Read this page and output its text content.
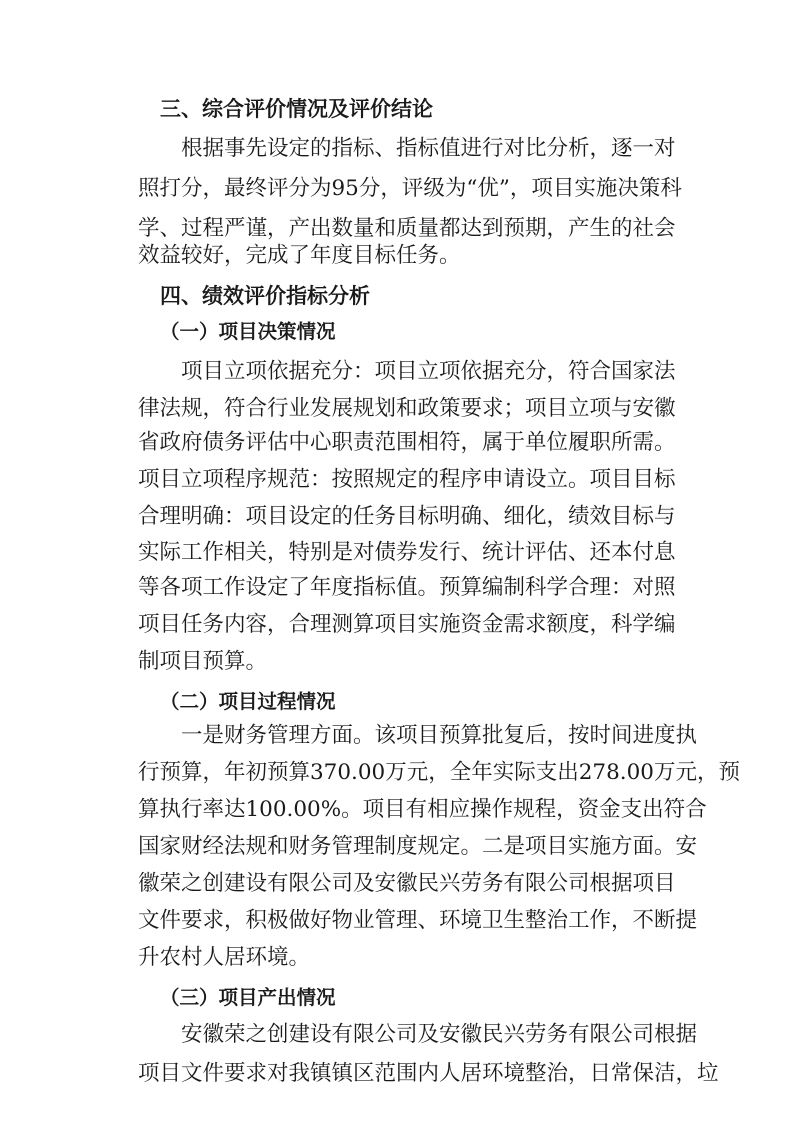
三、综合评价情况及评价结论
根据事先设定的指标、指标值进行对比分析，逐一对
照打分，最终评分为95分，评级为“优”，项目实施决策科
学、过程严谨，产出数量和质量都达到预期，产生的社会
效益较好，完成了年度目标任务。
四、绩效评价指标分析
（一）项目决策情况
项目立项依据充分：项目立项依据充分，符合国家法
律法规，符合行业发展规划和政策要求；项目立项与安徽
省政府债务评估中心职责范围相符，属于单位履职所需。
项目立项程序规范：按照规定的程序申请设立。项目目标
合理明确：项目设定的任务目标明确、细化，绩效目标与
实际工作相关，特别是对债券发行、统计评估、还本付息
等各项工作设定了年度指标值。预算编制科学合理：对照
项目任务内容，合理测算项目实施资金需求额度，科学编
制项目预算。
（二）项目过程情况
一是财务管理方面。该项目预算批复后，按时间进度执
行预算，年初预算370.00万元，全年实际支出278.00万元，预
算执行率达100.00%。项目有相应操作规程，资金支出符合
国家财经法规和财务管理制度规定。二是项目实施方面。安
徽荣之创建设有限公司及安徽民兴劳务有限公司根据项目
文件要求，积极做好物业管理、环境卫生整治工作，不断提
升农村人居环境。
（三）项目产出情况
安徽荣之创建设有限公司及安徽民兴劳务有限公司根据
项目文件要求对我镇镇区范围内人居环境整治，日常保洁，垃
